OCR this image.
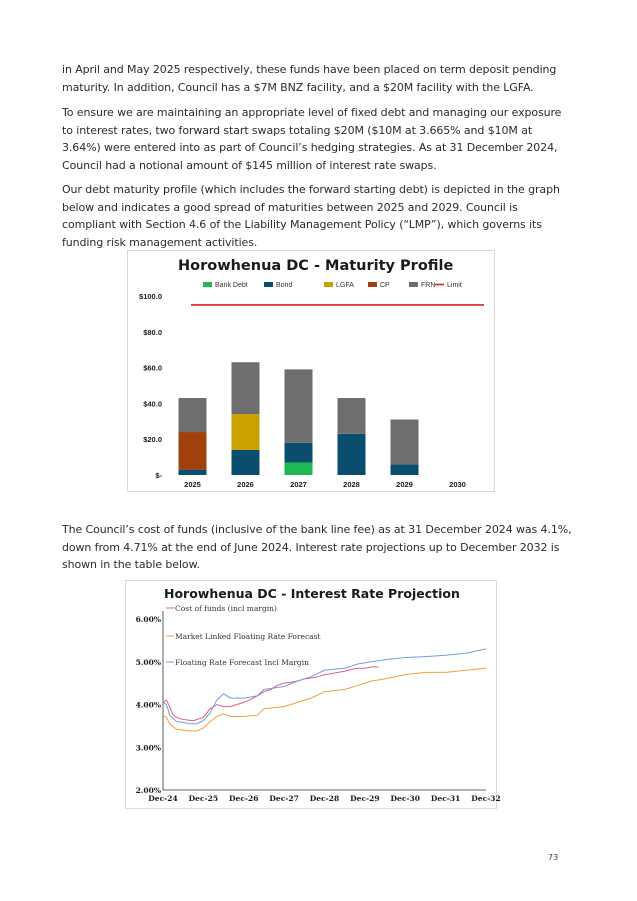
in April and May 2025 respectively, these funds have been placed on term deposit pending maturity. In addition, Council has a $7M BNZ facility, and a $20M facility with the LGFA.

To ensure we are maintaining an appropriate level of fixed debt and managing our exposure to interest rates, two forward start swaps totaling $20M ($10M at 3.665% and $10M at 3.64%) were entered into as part of Council’s hedging strategies. As at 31 December 2024, Council had a notional amount of $145 million of interest rate swaps.

Our debt maturity profile (which includes the forward starting debt) is depicted in the graph below and indicates a good spread of maturities between 2025 and 2029. Council is compliant with Section 4.6 of the Liability Management Policy (“LMP”), which governs its funding risk management activities.

Horowhenua DC - Maturity Profile
Bank Debt	Bond	LGFA	CP	FRN Limit
$100.0
$80.0
$60.0
$40.0
$20.0
$-
2025	2026	2027	2028	2029	2030

The Council’s cost of funds (inclusive of the bank line fee) as at 31 December 2024 was 4.1%, down from 4.71% at the end of June 2024. Interest rate projections up to December 2032 is shown in the table below.

Horowhenua DC - Interest Rate Projection
6.00%
5.00%
4.00%
3.00%
2.00%
Dec-24 Dec-25 Dec-26 Dec-27 Dec-28 Dec-29 Dec-30 Dec-31 Dec-32
Cost of funds (incl margin)
Market Linked Floating Rate Forecast
Floating Rate Forecast Incl Margin
73
